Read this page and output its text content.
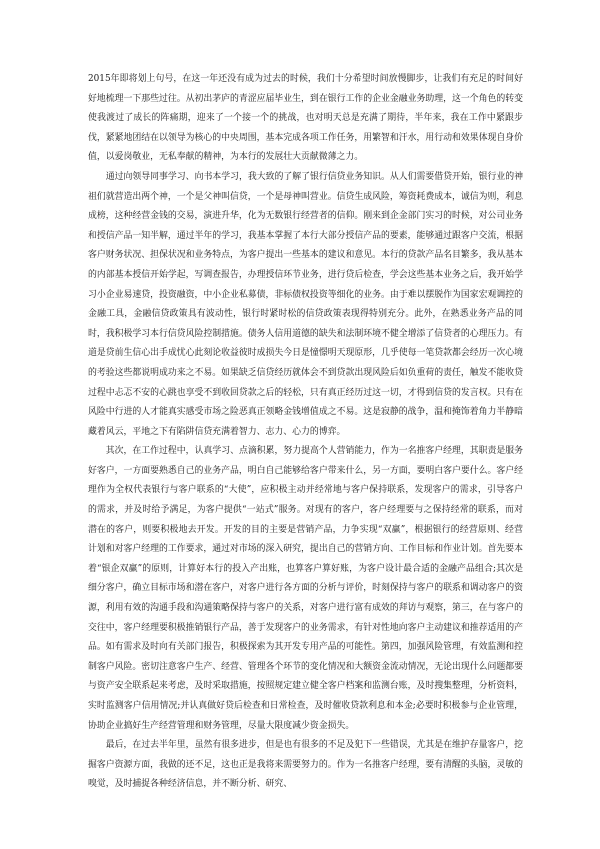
2015年即将划上句号，在这一年还没有成为过去的时候，我们十分希望时间放慢脚步，让我们有充足的时间好好地梳理一下那些过往。从初出茅庐的青涩应届毕业生，到在银行工作的企业金融业务助理，这一个角色的转变使我渡过了成长的阵痛期，迎来了一个接一个的挑战，也对明天总是充满了期待，半年来，我在工作中紧跟步伐，紧紧地团结在以领导为核心的中央周围，基本完成各项工作任务，用繁智和汗水，用行动和效果体现自身价值，以爱岗敬业，无私奉献的精神，为本行的发展壮大贡献微薄之力。

通过向领导同事学习、向书本学习，我大致的了解了银行信贷业务知识。从人们需要借贷开始，银行业的神祖们就营造出两个神，一个是父神叫信贷，一个是母神叫营业。信贷生成风险，筹资耗费成本，诚信为则，利息成榜，这种经营金钱的交易，演进升华，化为无数银行经营者的信仰。刚来到企金部门实习的时候，对公司业务和授信产品一知半解，通过半年的学习，我基本掌握了本行大部分授信产品的要素，能够通过跟客户交流，根据客户财务状况、担保状况和业务特点，为客户提出一些基本的建议和意见。本行的贷款产品名目繁多，我从基本的内部基本授信开始学起，写调查报告，办理授信环节业务，进行贷后检查，学会这些基本业务之后，我开始学习小企业易速贷，投资融资，中小企业私募债，非标债权投资等细化的业务。由于难以摆脱作为国家宏观调控的金融工具，金融信贷政策具有波动性，银行时紧时松的信贷政策表现得特别充分。此外，在熟悉业务产品的同时，我积极学习本行信贷风险控制措施。债务人信用道德的缺失和法制环境不健全增添了信贷者的心理压力。有道是贷前生信心出手成忧心此刻论收益彼时成损失今日是憧憬明天现原形，几乎使每一笔贷款都会经历一次心境的考验这些都说明成功来之不易。如果缺乏信贷经历就体会不到贷款出现风险后如负重荷的责任，触发不能收贷过程中忐忑不安的心跳也享受不到收回贷款之后的轻松，只有真正经历过这一切，才得到信贷的发言权。只有在风险中行进的人才能真实感受市场之险恶真正领略金钱增值成之不易。这是寂静的战争，温和掩饰着角力半静暗藏着风云，平地之下有陷阱信贷充满着智力、志力、心力的博弈。

其次，在工作过程中，认真学习、点滴积累，努力提高个人营销能力，作为一名推客户经理，其职责是服务好客户，一方面要熟悉自己的业务产品，明白自己能够给客户带来什么，另一方面，要明白客户要什么。客户经理作为全权代表银行与客户联系的“大使”，应积极主动并经常地与客户保持联系，发现客户的需求，引导客户的需求，并及时给予满足，为客户提供“一站式”服务。对现有的客户，客户经理要与之保持经常的联系，而对潜在的客户，则要积极地去开发。开发的目的主要是营销产品，力争实现“双赢”，根据银行的经营原则、经营计划和对客户经理的工作要求，通过对市场的深入研究，提出自己的营销方向、工作目标和作业计划。首先要本着“银企双赢”的原则，计算好本行的投入产出账，也算客户算好账，为客户设计最合适的金融产品组合;其次是细分客户，确立目标市场和潜在客户，对客户进行各方面的分析与评价，时刻保持与客户的联系和调动客户的资源，利用有效的沟通手段和沟通策略保持与客户的关系，对客户进行富有成效的拜访与观察，第三，在与客户的交往中，客户经理要积极推销银行产品，善于发现客户的业务需求，有针对性地向客户主动建议和推荐适用的产品。如有需求及时向有关部门报告，积极探索为其开发专用产品的可能性。第四，加强风险管理，有效监测和控制客户风险。密切注意客户生产、经营、管理各个环节的变化情况和大额资金流动情况，无论出现什么问题都要与资产安全联系起来考虑，及时采取措施，按照规定建立健全客户档案和监测台账，及时搜集整理，分析资料，实时监测客户信用情况;并认真做好贷后检查和日常检查，及时催收贷款利息和本金;必要时积极参与企业管理，协助企业搞好生产经营管理和财务管理，尽量大限度减少资金损失。

最后，在过去半年里，虽然有很多进步，但是也有很多的不足及犯下一些错误，尤其是在维护存量客户，挖掘客户资源方面，我做的还不足，这也正是我将来需要努力的。作为一名推客户经理，要有清醒的头脑，灵敏的嗅觉，及时捕捉各种经济信息，并不断分析、研究、
